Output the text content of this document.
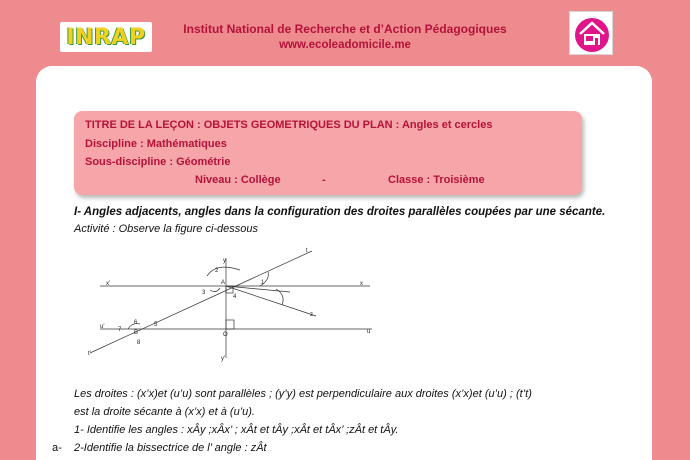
INRAP	Institut National de Recherche et d’Action Pédagogiques
www.ecoleadomicile.me
TITRE DE LA LEÇON : OBJETS GEOMETRIQUES DU PLAN : Angles et cercles
Discipline : Mathématiques
Sous-discipline : Géométrie
Niveau : Collège	-	Classe : Troisième
I- Angles adjacents, angles dans la configuration des droites parallèles coupées par une sécante.
Activité : Observe la figure ci-dessous
x'	x
u'
u
y
y'
t
t'
A
B	O
z
1
2
3
4
5
6
7
8
Les droites : (x’x)et (u’u) sont parallèles ; (y’y) est perpendiculaire aux droites (x’x)et (u’u) ; (t’t)
est la droite sécante à (x’x) et à (u’u).
1- Identifie les angles : xÂy ;xÂx’ ; xÂt et tÂy ;xÂt et tÂx’ ;zÂt et tÂy.
a- 2-Identifie la bissectrice de l’ angle : zÂt
